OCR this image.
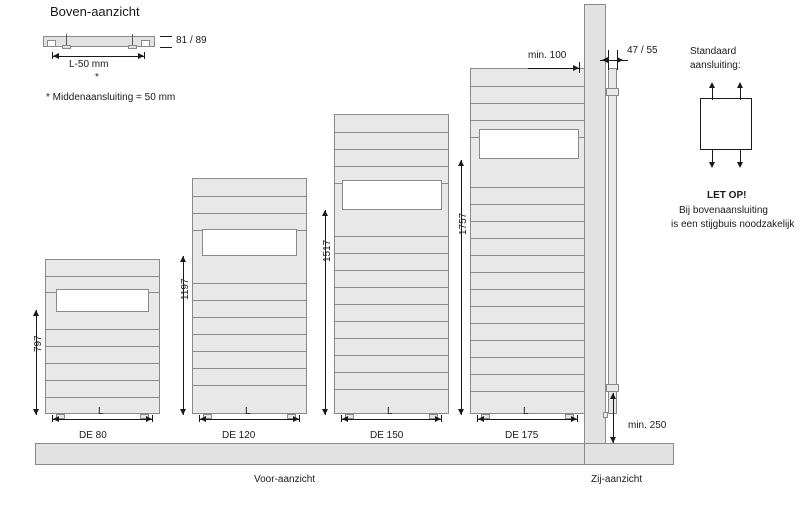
Boven-aanzicht
81 / 89
L-50 mm
*
* Middenaansluiting = 50 mm
797
L
DE 80
1197
L
DE 120
1517
L
DE 150
1757
L
DE 175
Voor-aanzicht
min. 100	47 / 55
min. 250
Zij-aanzicht
Standaard
aansluiting:
LET OP!
Bij bovenaansluiting
is een stijgbuis noodzakelijk
